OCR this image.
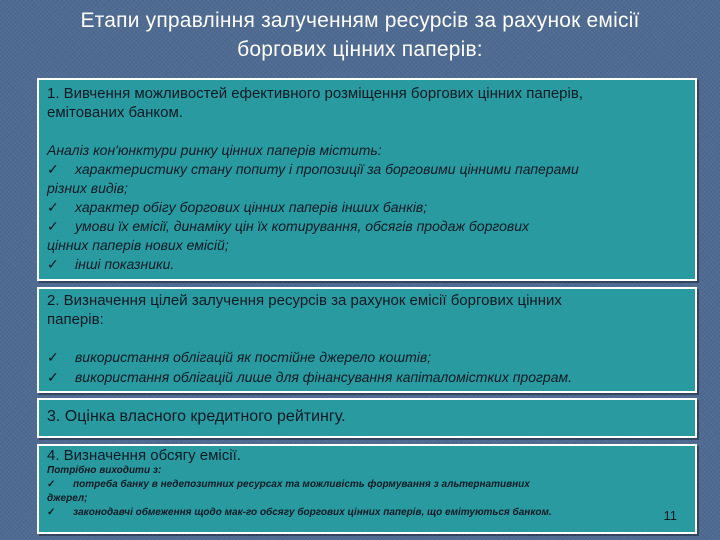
Етапи управління залученням ресурсів за рахунок емісії
боргових цінних паперів:
1. Вивчення можливостей ефективного розміщення боргових цінних паперів,
емітованих банком.
Аналіз кон'юнктури ринку цінних паперів містить:
✓ характеристику стану попиту і пропозиції за борговими цінними паперами
різних видів;
✓ характер обігу боргових цінних паперів інших банків;
✓ умови їх емісії, динаміку цін їх котирування, обсягів продаж боргових
цінних паперів нових емісій;
✓ інші показники.
2. Визначення цілей залучення ресурсів за рахунок емісії боргових цінних
паперів:
✓ використання облігацій як постійне джерело коштів;
✓ використання облігацій лише для фінансування капіталомістких програм.
3. Оцінка власного кредитного рейтингу.
4. Визначення обсягу емісії.
Потрібно виходити з:
✓ потреба банку в недепозитних ресурсах та можливість формування з альтернативних
джерел;
✓ законодавчі обмеження щодо мак-го обсягу боргових цінних паперів, що емітуються банком.	11
